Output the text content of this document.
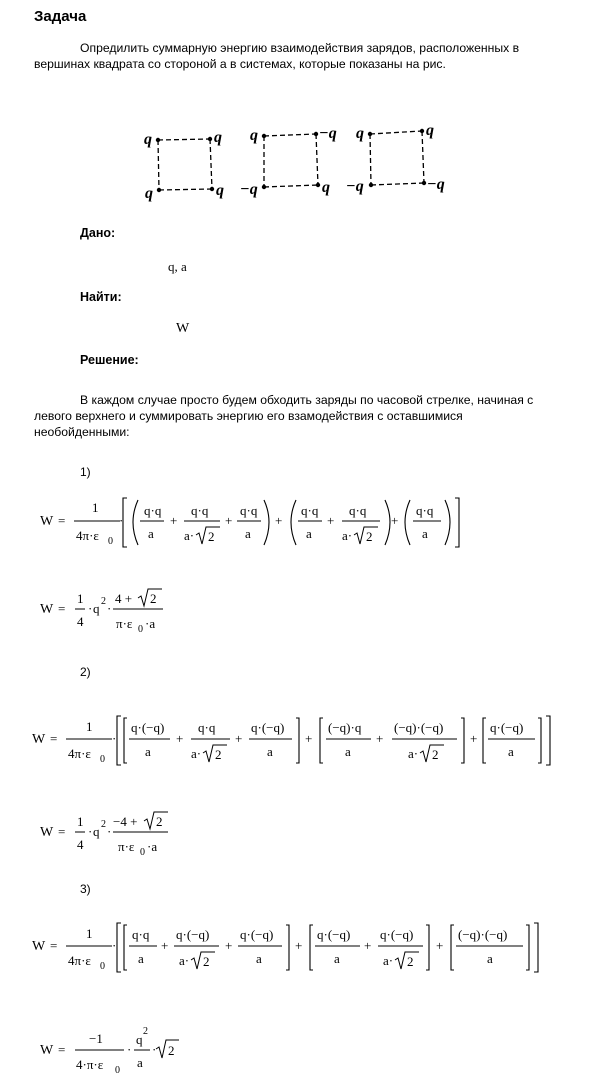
Задача
Опредилить суммарную энергию взаимодействия зарядов, расположенных в
вершинах квадрата со стороной а в системах, которые показаны на рис.
q	q
q	q
q	−q
−q	q
q	q
−q	−q
Дано:
q, a
Найти:
W
Решение:
В каждом случае просто будем обходить заряды по часовой стрелке, начиная с
левого верхнего и суммировать энергию его взамодействия с оставшимися
необойденными:
1)
2)
3)
W =
1
4π·ε 0
·
q·q
a
+
q·q
a· 2
+
q·q
a
+
q·q
a
+
q·q
a· 2
+
q·q
a
W =
1
4
· q 2 ·
4 + 2
π·ε 0 ·a
W =
1
4π·ε 0
·
q·(−q)
a
+
q·q
a· 2
+
q·(−q)
a
+
(−q)·q
a
+
(−q)·(−q)
a· 2
+
q·(−q)
a
W =
1
4
· q 2 ·
−4 + 2
π·ε 0 ·a
W =
1
4π·ε 0
·
q·q
a
+
q·(−q)
a· 2
+
q·(−q)
a
+
q·(−q)
a
+
q·(−q)
a· 2
+
(−q)·(−q)
a
W =
−1
4·π·ε 0
·
q
2
a
· 2
